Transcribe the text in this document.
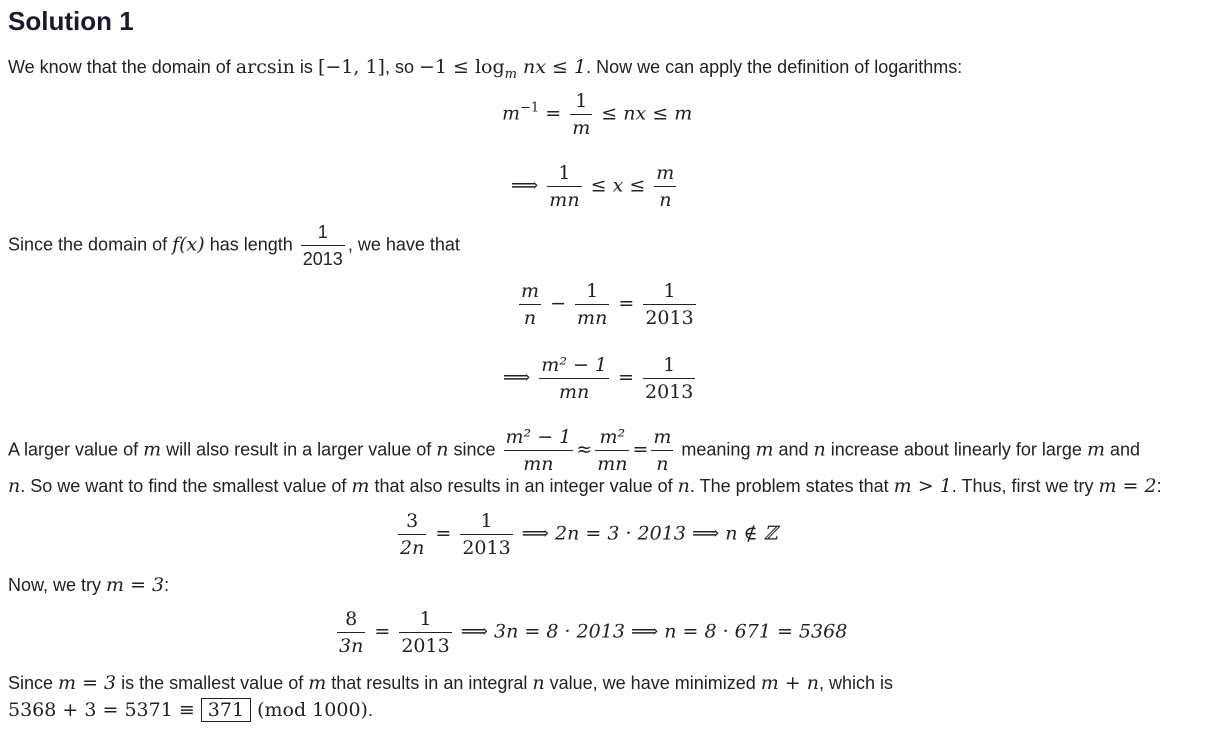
Solution 1
We know that the domain of arcsin is [−1, 1], so $-1 \le \log_m$ nx ≤ 1. Now we can apply the definition of logarithms:
$m^{-1} = \frac{1}{m}$ ≤ nx ≤ m
⟹ $\frac{1}{mn} \le x \le \frac{m}{n}$
Since the domain of f(x) has length $\frac{1}{2013}$ , we have that
$\frac{m}{n} - \frac{1}{mn} = \frac{1}{2013}$
⟹ $\frac{\text{m² − 1}}{mn} = \frac{1}{2013}$
A larger value of m will also result in a larger value of n since $\frac{\text{m² − 1}}{mn} \approx \frac{\text{m²}}{mn} = \frac{m}{n}$ meaning m and n increase about linearly for large m and
n. So we want to find the smallest value of m that also results in an integer value of n. The problem states that m > 1. Thus, first we try m = 2:
$\frac{3}{2n} = \frac{1}{2013}$ ⟹ 2n = 3 · 2013 ⟹ n ∉ ℤ
Now, we try m = 3:
$\frac{8}{3n} = \frac{1}{2013}$ ⟹ 3n = 8 · 2013 ⟹ n = 8 · 671 = 5368
Since m = 3 is the smallest value of m that results in an integral n value, we have minimized m + n, which is
5368 + 3 = 5371 ≡ 371 (mod 1000).
